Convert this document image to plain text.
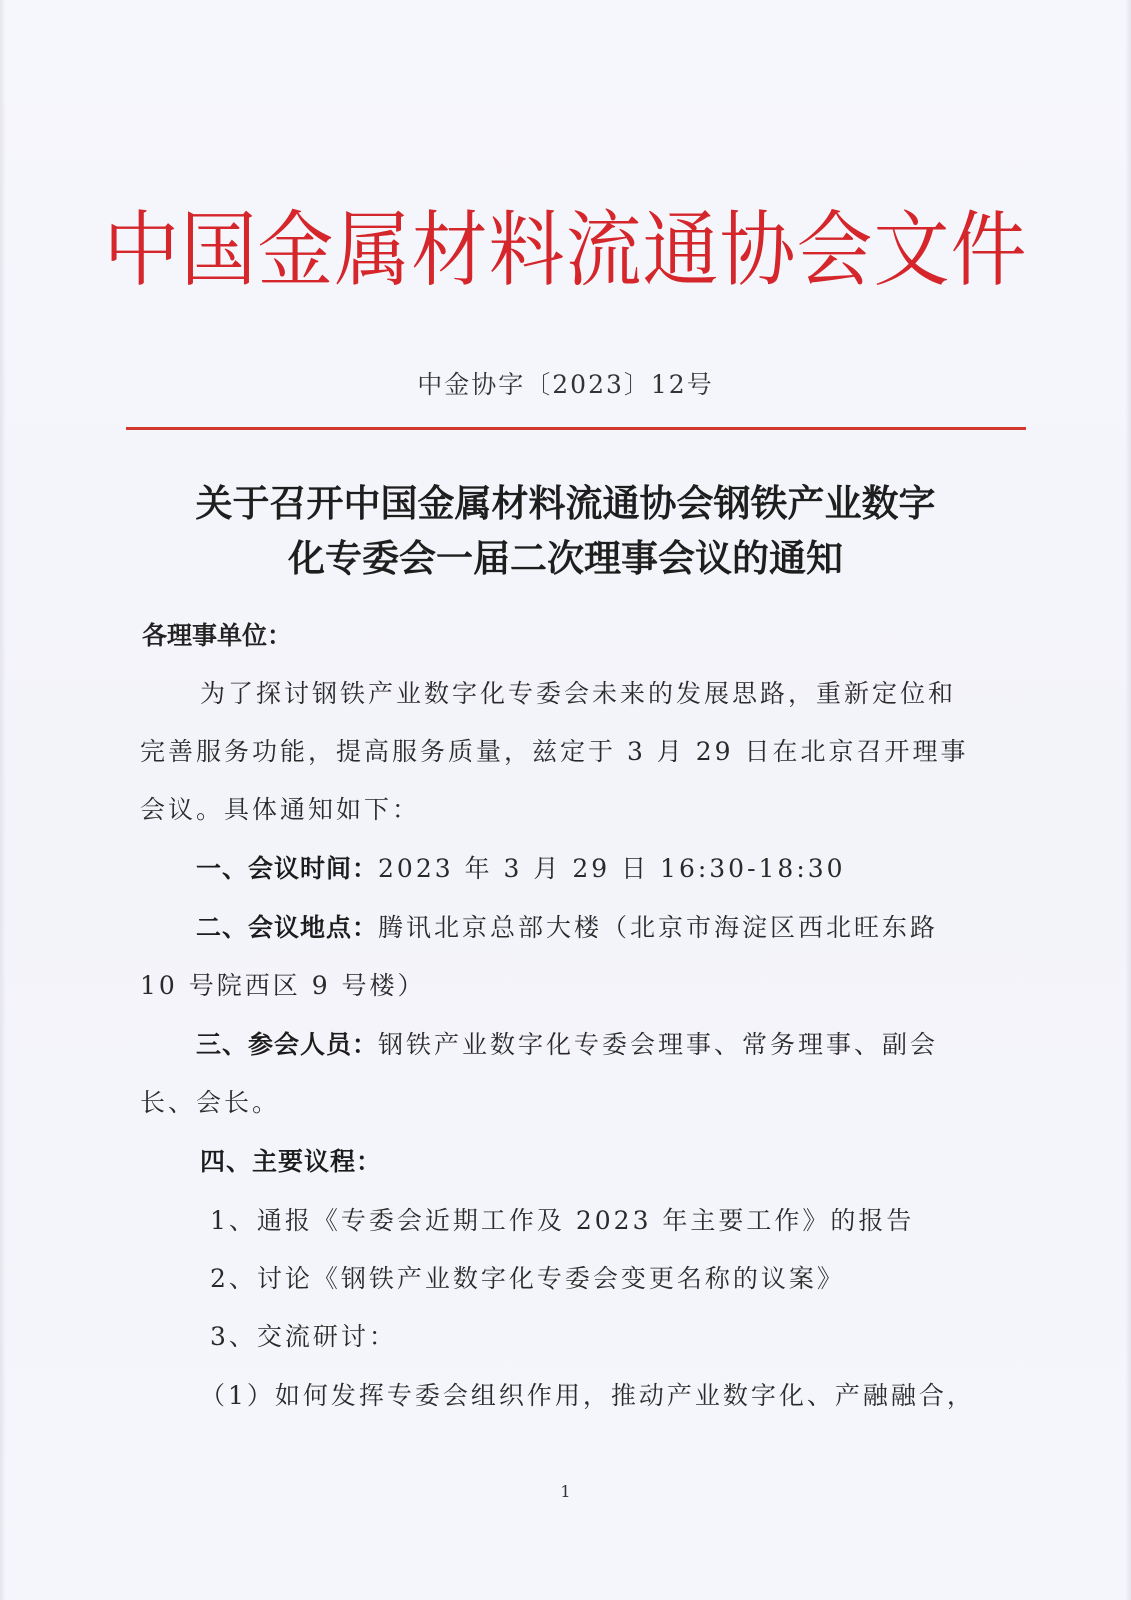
中国金属材料流通协会文件
中金协字〔2023〕12号
关于召开中国金属材料流通协会钢铁产业数字
化专委会一届二次理事会议的通知
各理事单位：
为了探讨钢铁产业数字化专委会未来的发展思路，重新定位和
完善服务功能，提高服务质量，兹定于 3 月 29 日在北京召开理事
会议。具体通知如下：
一、会议时间：2023 年 3 月 29 日 16:30-18:30
二、会议地点：腾讯北京总部大楼（北京市海淀区西北旺东路
10 号院西区 9 号楼）
三、参会人员：钢铁产业数字化专委会理事、常务理事、副会
长、会长。
四、主要议程：
1、通报《专委会近期工作及 2023 年主要工作》的报告
2、讨论《钢铁产业数字化专委会变更名称的议案》
3、交流研讨：
（1）如何发挥专委会组织作用，推动产业数字化、产融融合，
1
